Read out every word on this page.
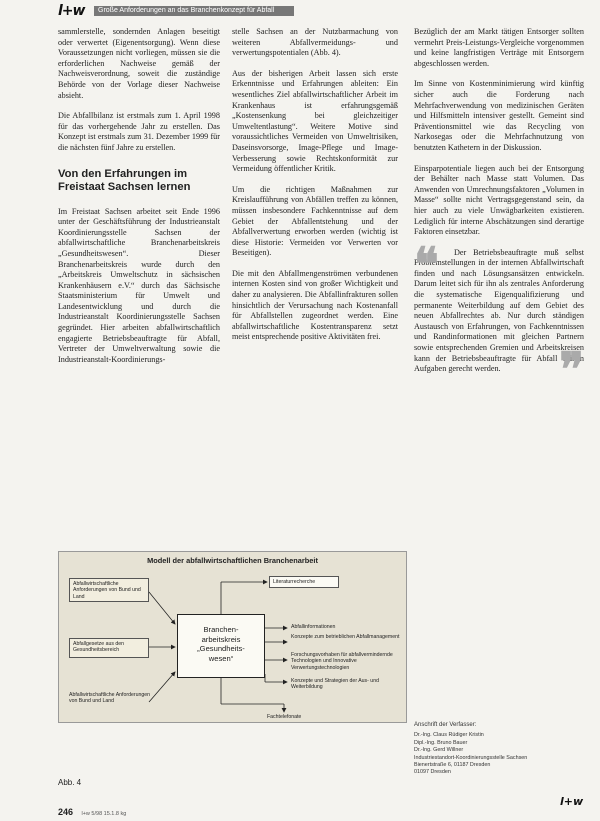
l+w	Große Anforderungen an das Branchenkonzept für Abfall

sammlerstelle, sondernden Anlagen beseitigt oder verwertet (Eigenentsorgung). Wenn diese Voraussetzungen nicht vorliegen, müssen sie die erforderlichen Nachweise gemäß der Nachweisverordnung, soweit die zuständige Behörde von der Vorlage dieser Nachweise absieht.

Die Abfallbilanz ist erstmals zum 1. April 1998 für das vorhergehende Jahr zu erstellen. Das Konzept ist erstmals zum 31. Dezember 1999 für die nächsten fünf Jahre zu erstellen.

Von den Erfahrungen im Freistaat Sachsen lernen

Im Freistaat Sachsen arbeitet seit Ende 1996 unter der Geschäftsführung der Industrieanstalt Koordinierungsstelle Sachsen der abfallwirtschaftliche Branchenarbeitskreis „Gesundheitswesen“. Dieser Branchenarbeitskreis wurde durch den „Arbeitskreis Umweltschutz in sächsischen Krankenhäusern e.V.“ durch das Sächsische Staatsministerium für Umwelt und Landesentwicklung und durch die Industrieanstalt Koordinierungsstelle Sachsen gegründet. Hier arbeiten abfallwirtschaftlich engagierte Betriebsbeauftragte für Abfall, Vertreter der Umweltverwaltung sowie die Industrieanstalt-Koordinierungs-

stelle Sachsen an der Nutzbarmachung von weiteren Abfallvermeidungs- und verwertungspotentialen (Abb. 4).

Aus der bisherigen Arbeit lassen sich erste Erkenntnisse und Erfahrungen ableiten: Ein wesentliches Ziel abfallwirtschaftlicher Arbeit im Krankenhaus ist erfahrungsgemäß „Kostensenkung bei gleichzeitiger Umweltentlastung“. Weitere Motive sind voraussichtliches Vermeiden von Umweltrisiken, Daseinsvorsorge, Image-Pflege und Image-Verbesserung sowie Rechtskonformität zur Vermeidung öffentlicher Kritik.

Um die richtigen Maßnahmen zur Kreislaufführung von Abfällen treffen zu können, müssen insbesondere Fachkenntnisse auf dem Gebiet der Abfallentstehung und der Abfallverwertung erworben werden (wichtig ist diese Historie: Vermeiden vor Verwerten vor Beseitigen).

Die mit den Abfallmengenströmen verbundenen internen Kosten sind von großer Wichtigkeit und daher zu analysieren. Die Abfallinfrakturen sollen hinsichtlich der Verursachung nach Kostenanfall für Abfallstellen zugeordnet werden. Eine abfallwirtschaftliche Kostentransparenz setzt meist entsprechende positive Aktivitäten frei.

Bezüglich der am Markt tätigen Entsorger sollten vermehrt Preis-Leistungs-Vergleiche vorgenommen und keine langfristigen Verträge mit Entsorgern abgeschlossen werden.

Im Sinne von Kostenminimierung wird künftig sicher auch die Forderung nach Mehrfachverwendung von medizinischen Geräten und Hilfsmitteln intensiver gestellt. Gemeint sind Präventionsmittel wie das Recycling von Narkosegas oder die Mehrfachnutzung von benutzten Kathetern in der Diskussion.

Einsparpotentiale liegen auch bei der Entsorgung der Behälter nach Masse statt Volumen. Das Anwenden von Umrechnungsfaktoren „Volumen in Masse“ sollte nicht Vertragsgegenstand sein, da hier auch zu viele Unwägbarkeiten existieren. Lediglich für interne Abschätzungen sind derartige Faktoren einsetzbar.

Der Betriebsbeauftragte muß selbst Problemstellungen in der internen Abfallwirtschaft finden und nach Lösungsansätzen entwickeln. Darum leitet sich für ihn als zentrales Anforderung die systematische Eigenqualifizierung und permanente Weiterbildung auf dem Gebiet des neuen Abfallrechtes ab. Nur durch ständigen Austausch von Erfahrungen, von Fachkenntnissen und Randinformationen mit gleichen Partnern sowie entsprechenden Gremien und Arbeitskreisen kann der Betriebsbeauftragte für Abfall seinen Aufgaben gerecht werden.
❝
❞
Modell der abfallwirtschaftlichen Branchenarbeit
Abfallwirtschaftliche Anforderungen von Bund und Land
Abfallgesetze aus den Gesundheitsbereich
Abfallwirtschaftliche Anforderungen von Bund und Land
Branchen-
arbeitskreis
„Gesundheits-
wesen“
Literaturrecherche
Abfallinformationen
Konzepte zum betrieblichen Abfallmanagement
Forschungsvorhaben für abfallvermindernde Technologien und Innovative Verwertungstechnologien
Konzepte und Strategien der Aus- und Weiterbildung
Fachtelefonate
Abb. 4
Anschrift der Verfasser:
Dr.-Ing. Claus Rüdiger Kristin
Dipl.-Ing. Bruno Bauer
Dr.-Ing. Gerd Willner
Industriestandort-Koordinierungsstelle Sachsen
Bienertstraße 6, 01187 Dresden
01097 Dresden
l+w
246 l+w 5/98 15.1.8 kg
